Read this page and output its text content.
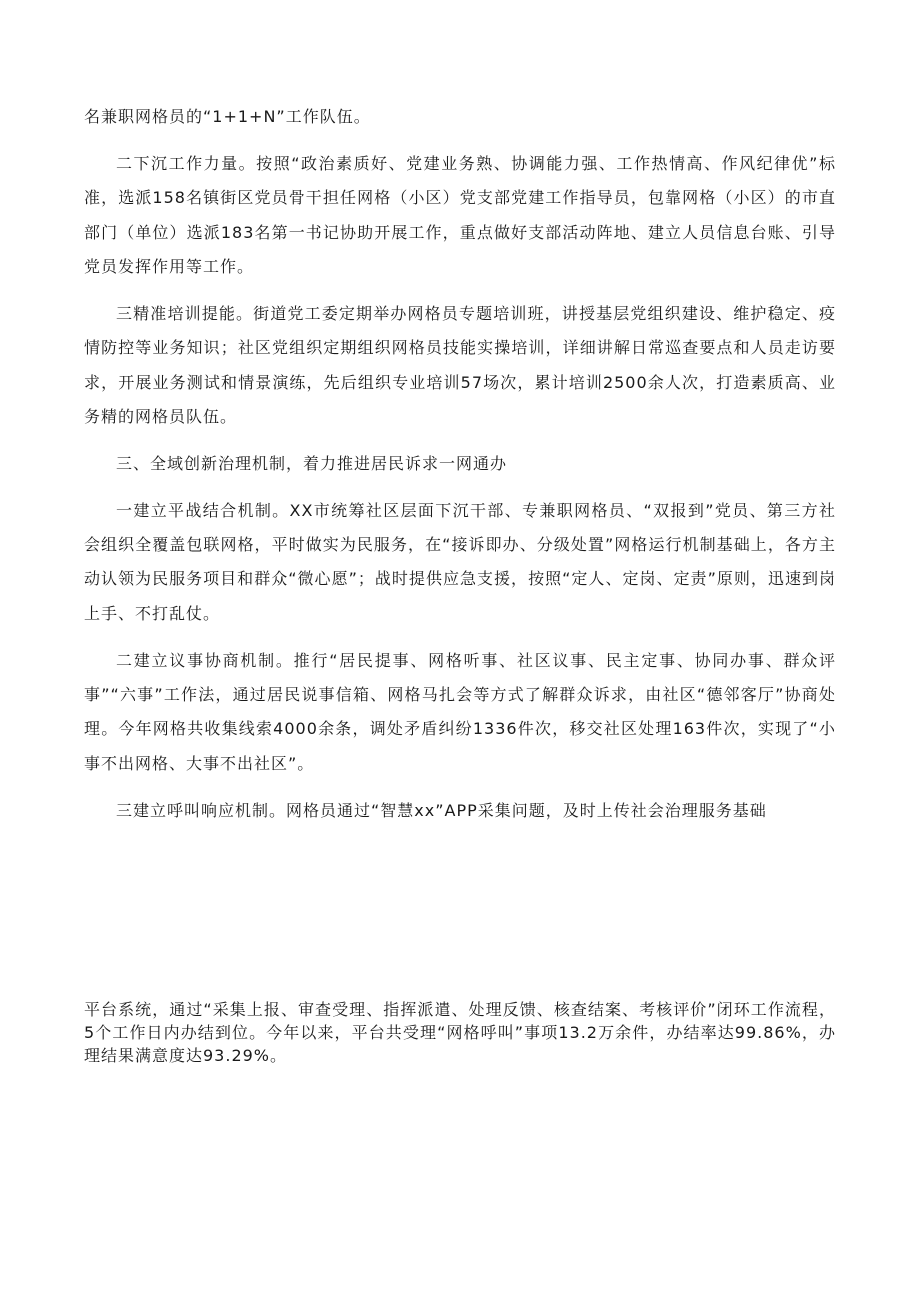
名兼职网格员的“1+1+N”工作队伍。

二下沉工作力量。按照“政治素质好、党建业务熟、协调能力强、工作热情高、作风纪律优”标准，选派158名镇街区党员骨干担任网格（小区）党支部党建工作指导员，包靠网格（小区）的市直部门（单位）选派183名第一书记协助开展工作，重点做好支部活动阵地、建立人员信息台账、引导党员发挥作用等工作。

三精准培训提能。街道党工委定期举办网格员专题培训班，讲授基层党组织建设、维护稳定、疫情防控等业务知识；社区党组织定期组织网格员技能实操培训，详细讲解日常巡查要点和人员走访要求，开展业务测试和情景演练，先后组织专业培训57场次，累计培训2500余人次，打造素质高、业务精的网格员队伍。

三、全域创新治理机制，着力推进居民诉求一网通办

一建立平战结合机制。XX市统筹社区层面下沉干部、专兼职网格员、“双报到”党员、第三方社会组织全覆盖包联网格，平时做实为民服务，在“接诉即办、分级处置”网格运行机制基础上，各方主动认领为民服务项目和群众“微心愿”；战时提供应急支援，按照“定人、定岗、定责”原则，迅速到岗上手、不打乱仗。

二建立议事协商机制。推行“居民提事、网格听事、社区议事、民主定事、协同办事、群众评事”“六事”工作法，通过居民说事信箱、网格马扎会等方式了解群众诉求，由社区“德邻客厅”协商处理。今年网格共收集线索4000余条，调处矛盾纠纷1336件次，移交社区处理163件次，实现了“小事不出网格、大事不出社区”。

三建立呼叫响应机制。网格员通过“智慧xx”APP采集问题，及时上传社会治理服务基础

平台系统，通过“采集上报、审查受理、指挥派遣、处理反馈、核查结案、考核评价”闭环工作流程，5个工作日内办结到位。今年以来，平台共受理“网格呼叫”事项13.2万余件，办结率达99.86%，办理结果满意度达93.29%。
